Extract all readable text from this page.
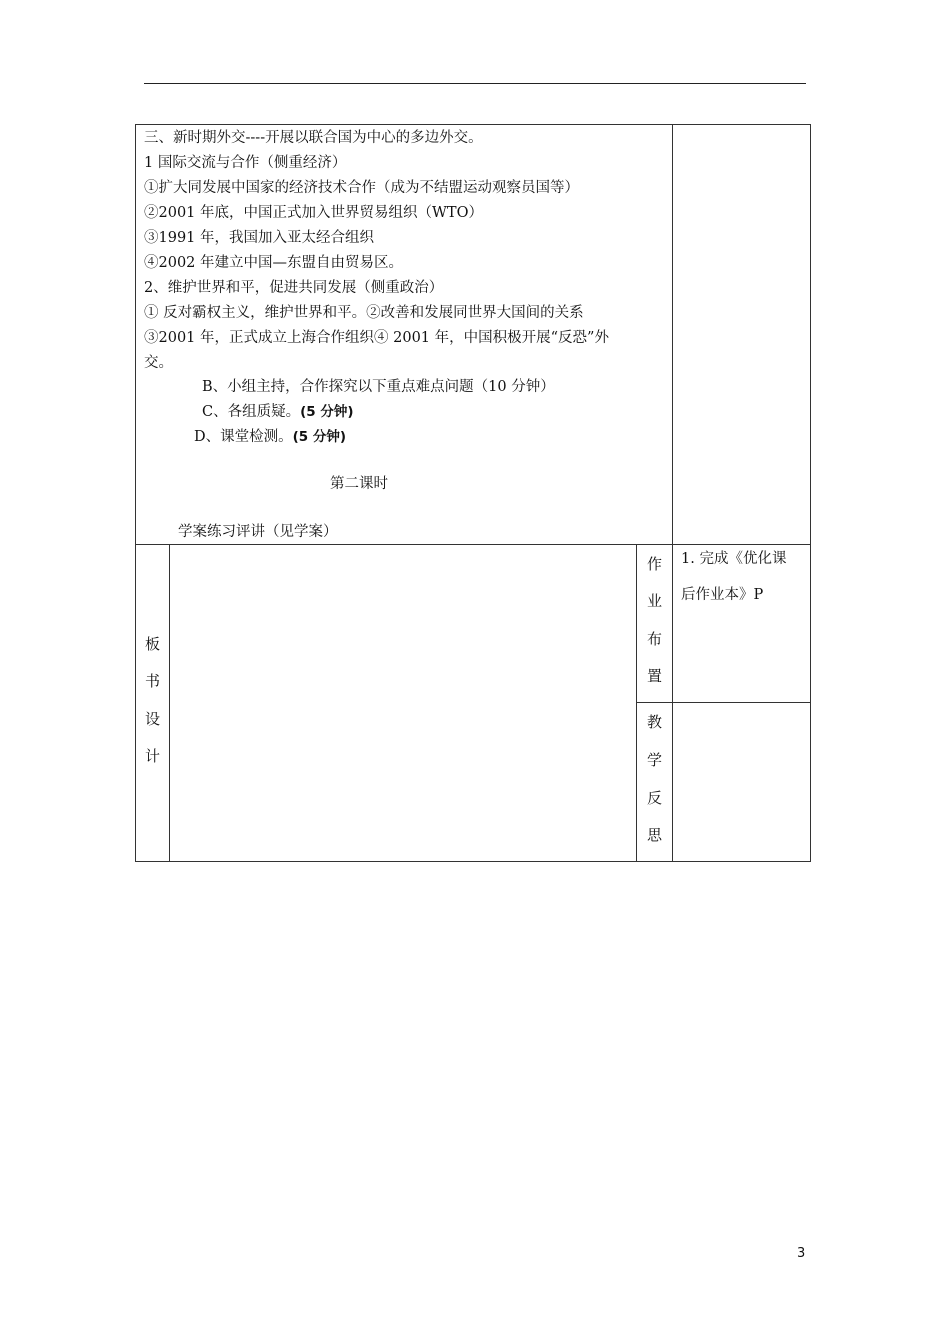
三、新时期外交----开展以联合国为中心的多边外交。
1 国际交流与合作（侧重经济）
①扩大同发展中国家的经济技术合作（成为不结盟运动观察员国等）
②2001 年底，中国正式加入世界贸易组织（WTO）
③1991 年，我国加入亚太经合组织
④2002 年建立中国—东盟自由贸易区。
2、维护世界和平，促进共同发展（侧重政治）
① 反对霸权主义，维护世界和平。②改善和发展同世界大国间的关系
③2001 年，正式成立上海合作组织④ 2001 年，中国积极开展“反恐”外
交。
B、小组主持，合作探究以下重点难点问题（10 分钟）
C、各组质疑。(5 分钟)
D、课堂检测。(5 分钟)
第二课时
学案练习评讲（见学案）
板
书
设
计
作
业
布
置
1. 完成《优化课
后作业本》P
教
学
反
思
3
